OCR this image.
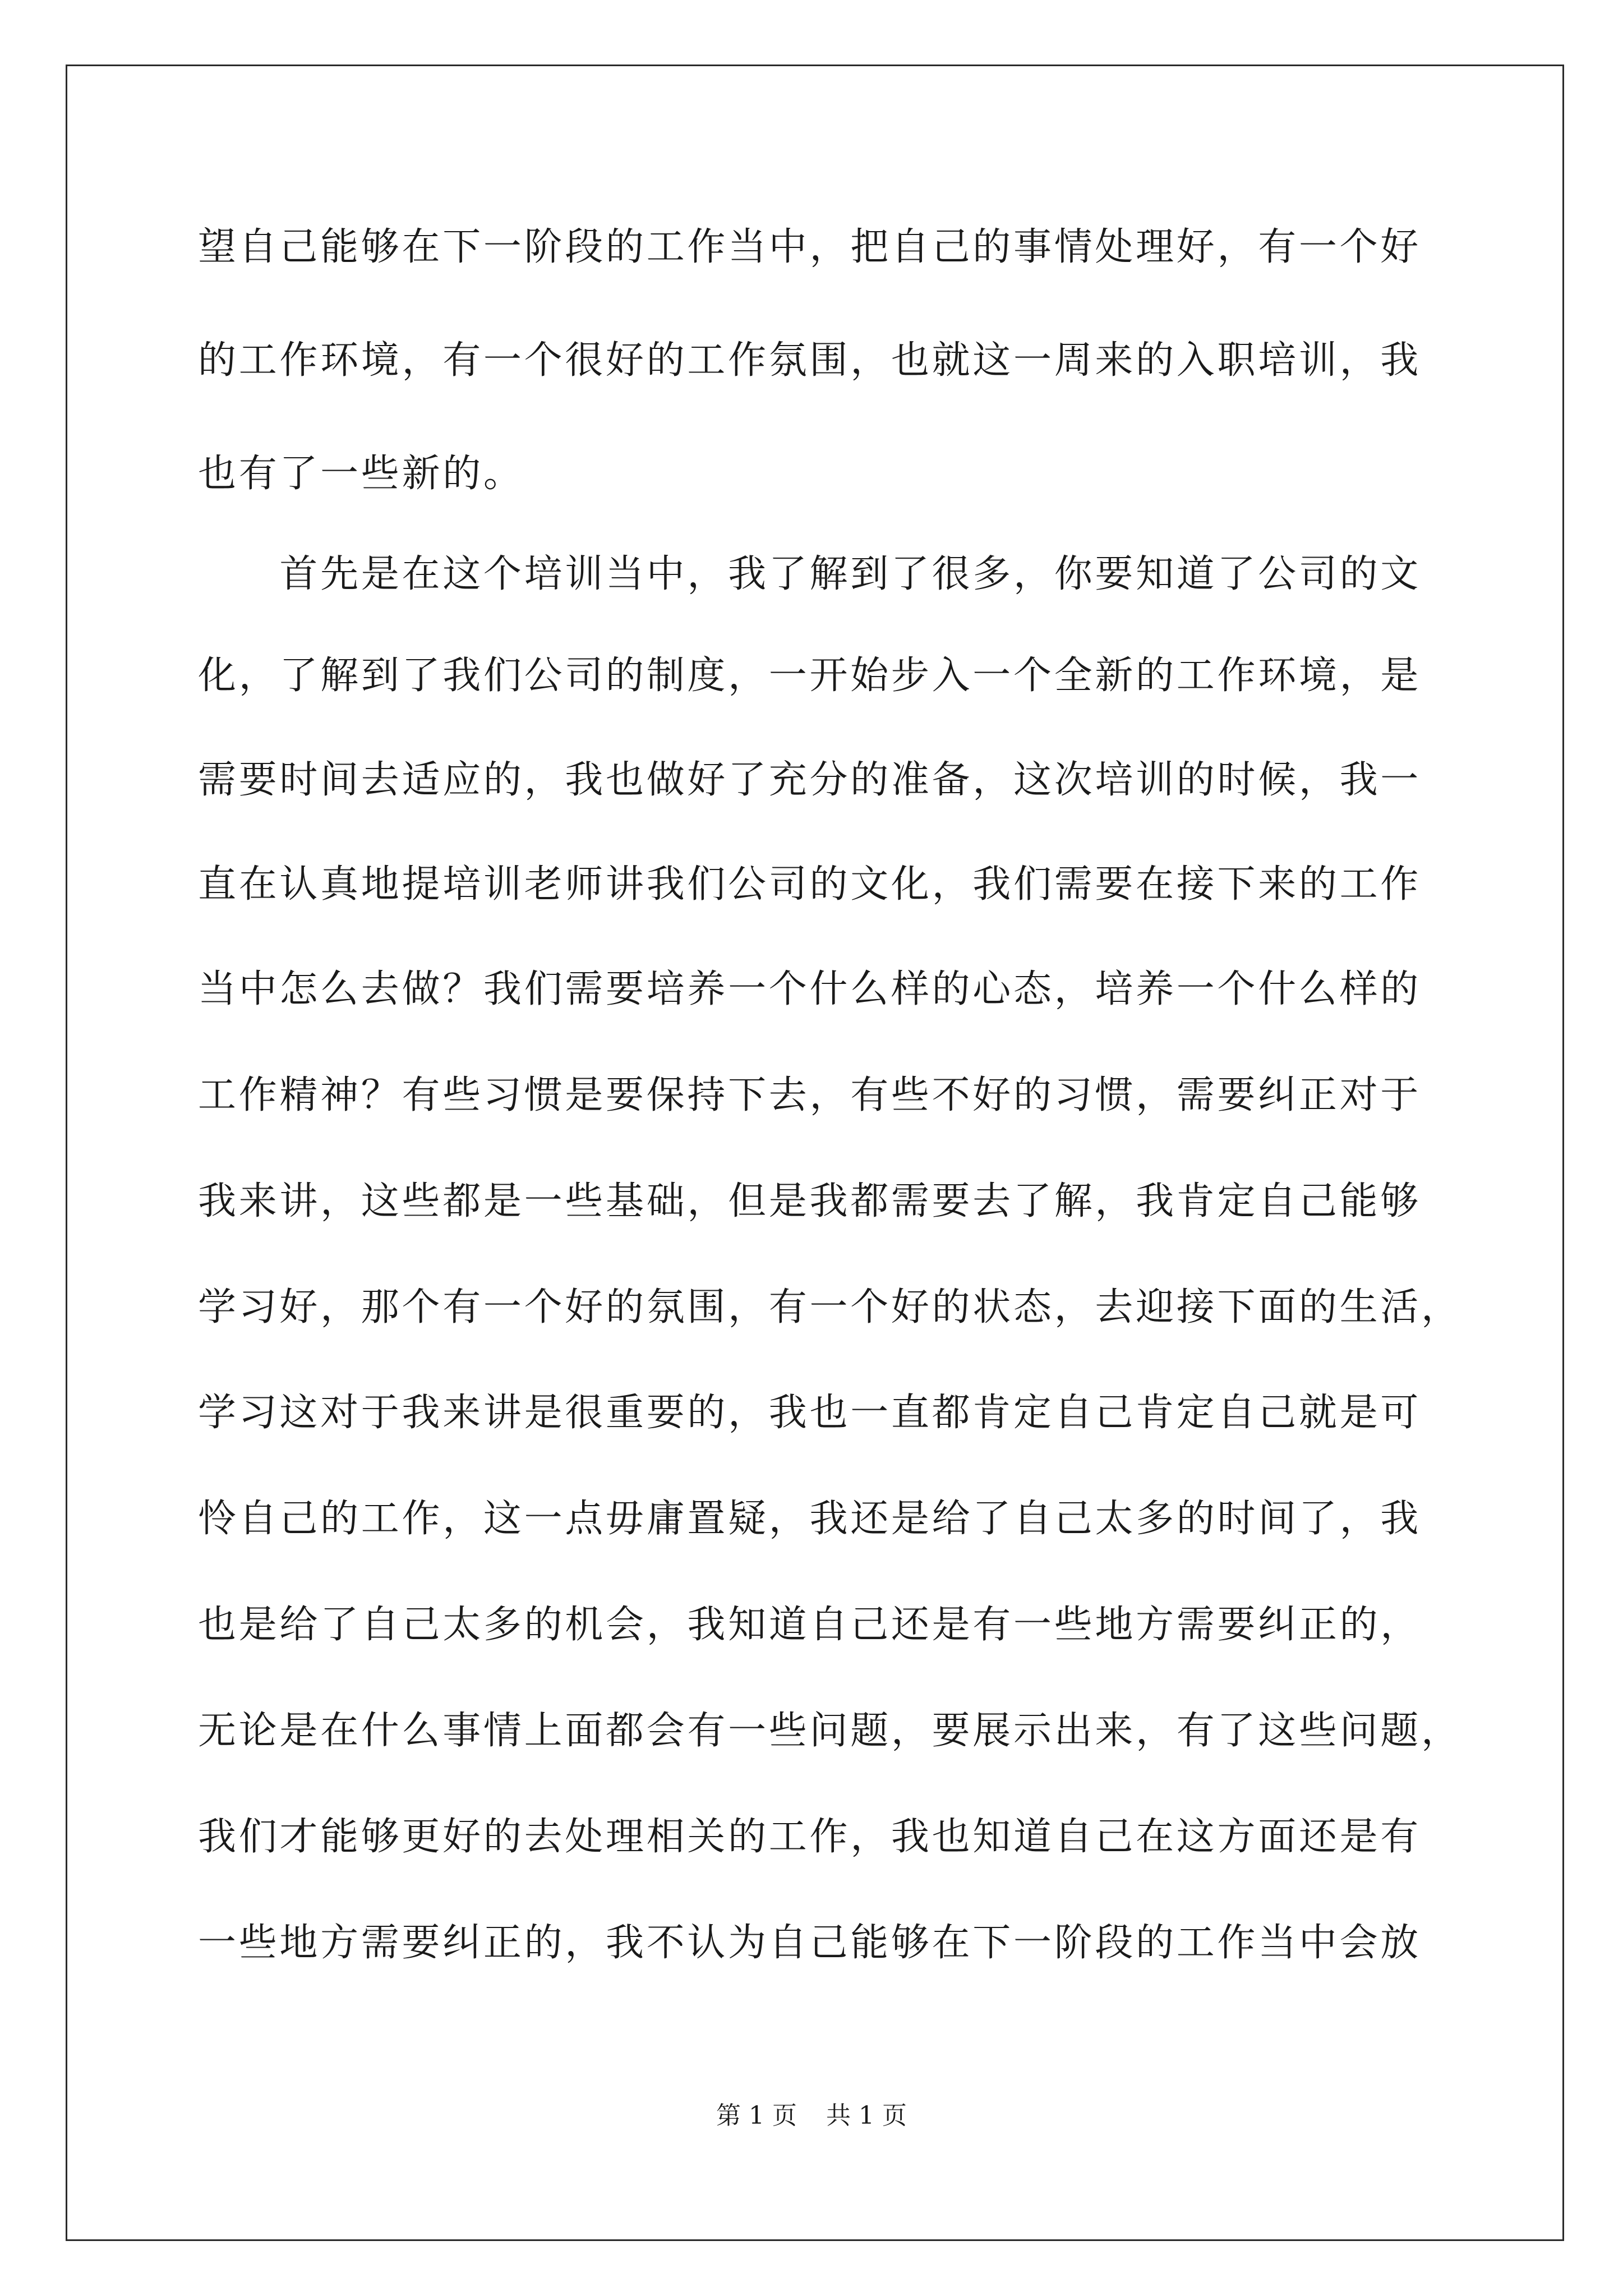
望自己能够在下一阶段的工作当中，把自己的事情处理好，有一个好

的工作环境，有一个很好的工作氛围，也就这一周来的入职培训，我

也有了一些新的。

　　首先是在这个培训当中，我了解到了很多，你要知道了公司的文

化，了解到了我们公司的制度，一开始步入一个全新的工作环境，是

需要时间去适应的，我也做好了充分的准备，这次培训的时候，我一

直在认真地提培训老师讲我们公司的文化，我们需要在接下来的工作

当中怎么去做？我们需要培养一个什么样的心态，培养一个什么样的

工作精神？有些习惯是要保持下去，有些不好的习惯，需要纠正对于

我来讲，这些都是一些基础，但是我都需要去了解，我肯定自己能够

学习好，那个有一个好的氛围，有一个好的状态，去迎接下面的生活，

学习这对于我来讲是很重要的，我也一直都肯定自己肯定自己就是可

怜自己的工作，这一点毋庸置疑，我还是给了自己太多的时间了，我

也是给了自己太多的机会，我知道自己还是有一些地方需要纠正的，

无论是在什么事情上面都会有一些问题，要展示出来，有了这些问题，

我们才能够更好的去处理相关的工作，我也知道自己在这方面还是有

一些地方需要纠正的，我不认为自己能够在下一阶段的工作当中会放

第 1 页 共 1 页
